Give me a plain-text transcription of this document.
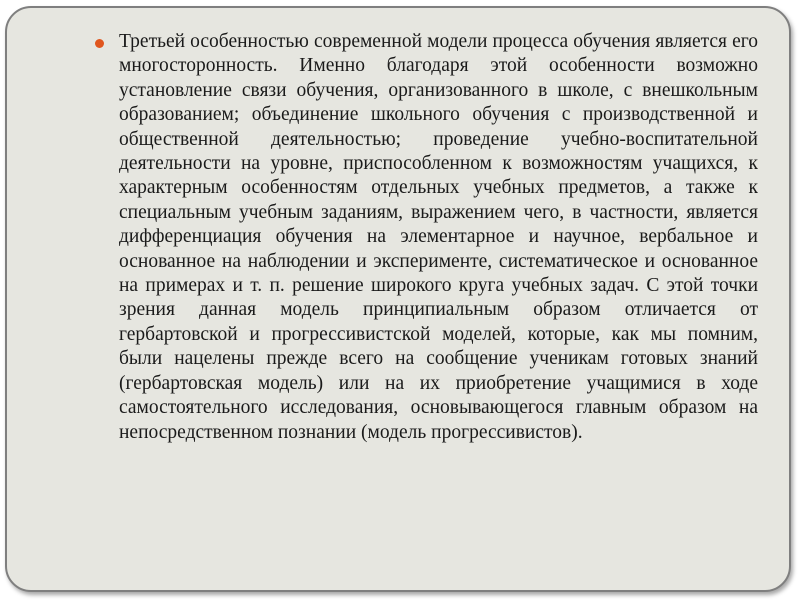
Третьей особенностью современной модели процесса обучения является его многосторонность. Именно благодаря этой особенности возможно установление связи обучения, организованного в школе, с внешкольным образованием; объединение школьного обучения с производственной и общественной деятельностью; проведение учебно-воспитательной деятельности на уровне, приспособленном к возможностям учащихся, к характерным особенностям отдельных учебных предметов, а также к специальным учебным заданиям, выражением чего, в частности, является дифференциация обучения на элементарное и научное, вербальное и основанное на наблюдении и эксперименте, систематическое и основанное на примерах и т. п. решение широкого круга учебных задач. С этой точки зрения данная модель принципиальным образом отличается от гербартовской и прогрессивистской моделей, которые, как мы помним, были нацелены прежде всего на сообщение ученикам готовых знаний (гербартовская модель) или на их приобретение учащимися в ходе самостоятельного исследования, основывающегося главным образом на непосредственном познании (модель прогрессивистов).
